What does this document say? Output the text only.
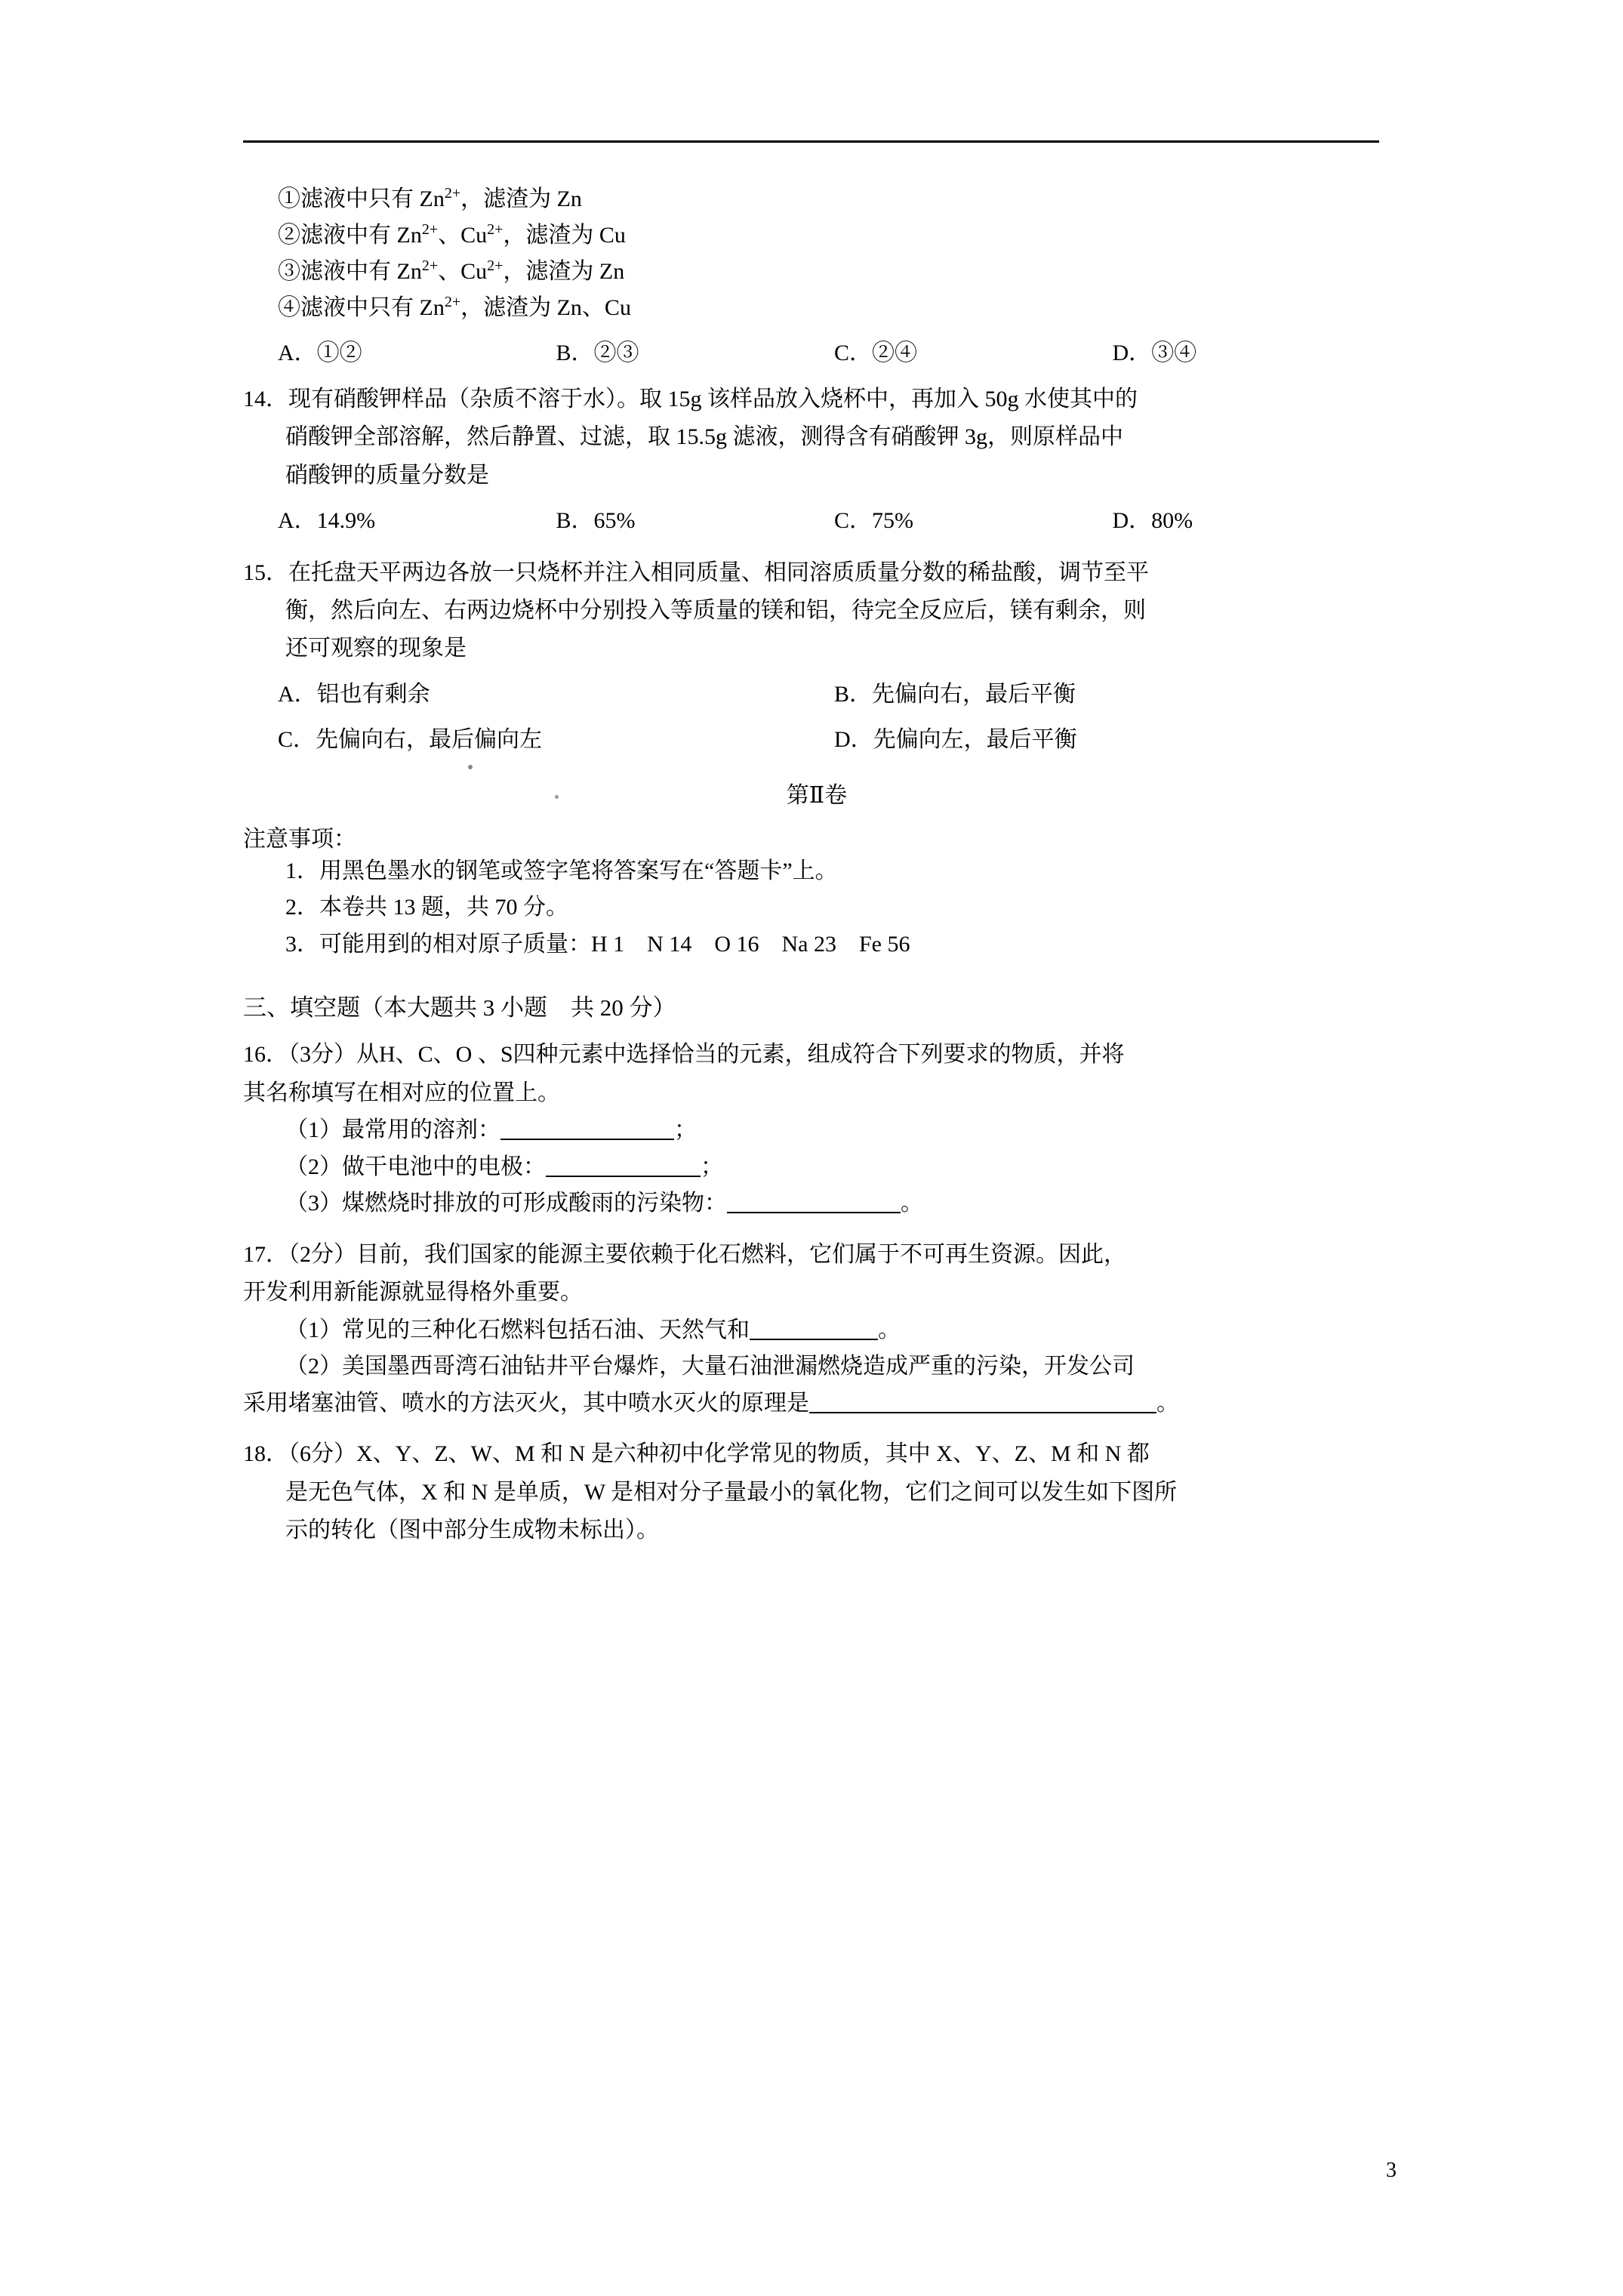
①滤液中只有 $Zn^{2+}$，滤渣为 Zn
②滤液中有 $Zn^{2+}$、$Cu^{2+}$，滤渣为 Cu
③滤液中有 $Zn^{2+}$、$Cu^{2+}$，滤渣为 Zn
④滤液中只有 $Zn^{2+}$，滤渣为 Zn、Cu
A．①②	B．②③	C．②④	D．③④
14．现有硝酸钾样品（杂质不溶于水）。取 15g 该样品放入烧杯中，再加入 50g 水使其中的
硝酸钾全部溶解，然后静置、过滤，取 15.5g 滤液，测得含有硝酸钾 3g，则原样品中
硝酸钾的质量分数是
A．14.9%	B．65%	C．75%	D．80%
15．在托盘天平两边各放一只烧杯并注入相同质量、相同溶质质量分数的稀盐酸，调节至平
衡，然后向左、右两边烧杯中分别投入等质量的镁和铝，待完全反应后，镁有剩余，则
还可观察的现象是
A．铝也有剩余	B．先偏向右，最后平衡
C．先偏向右，最后偏向左	D．先偏向左，最后平衡
第Ⅱ卷
注意事项：
1．用黑色墨水的钢笔或签字笔将答案写在“答题卡”上。
2．本卷共 13 题，共 70 分。
3．可能用到的相对原子质量：H 1　N 14　O 16　Na 23　Fe 56
三、填空题（本大题共 3 小题　共 20 分）
16．（3分）从H、C、O 、S四种元素中选择恰当的元素，组成符合下列要求的物质，并将
其名称填写在相对应的位置上。
（1）最常用的溶剂：	；
（2）做干电池中的电极：	；
（3）煤燃烧时排放的可形成酸雨的污染物：	。
17．（2分）目前，我们国家的能源主要依赖于化石燃料，它们属于不可再生资源。因此，
开发利用新能源就显得格外重要。
（1）常见的三种化石燃料包括石油、天然气和	。
（2）美国墨西哥湾石油钻井平台爆炸，大量石油泄漏燃烧造成严重的污染，开发公司
采用堵塞油管、喷水的方法灭火，其中喷水灭火的原理是	。
18．（6分）X、Y、Z、W、M 和 N 是六种初中化学常见的物质，其中 X、Y、Z、M 和 N 都
是无色气体，X 和 N 是单质，W 是相对分子量最小的氧化物，它们之间可以发生如下图所
示的转化（图中部分生成物未标出）。
3
